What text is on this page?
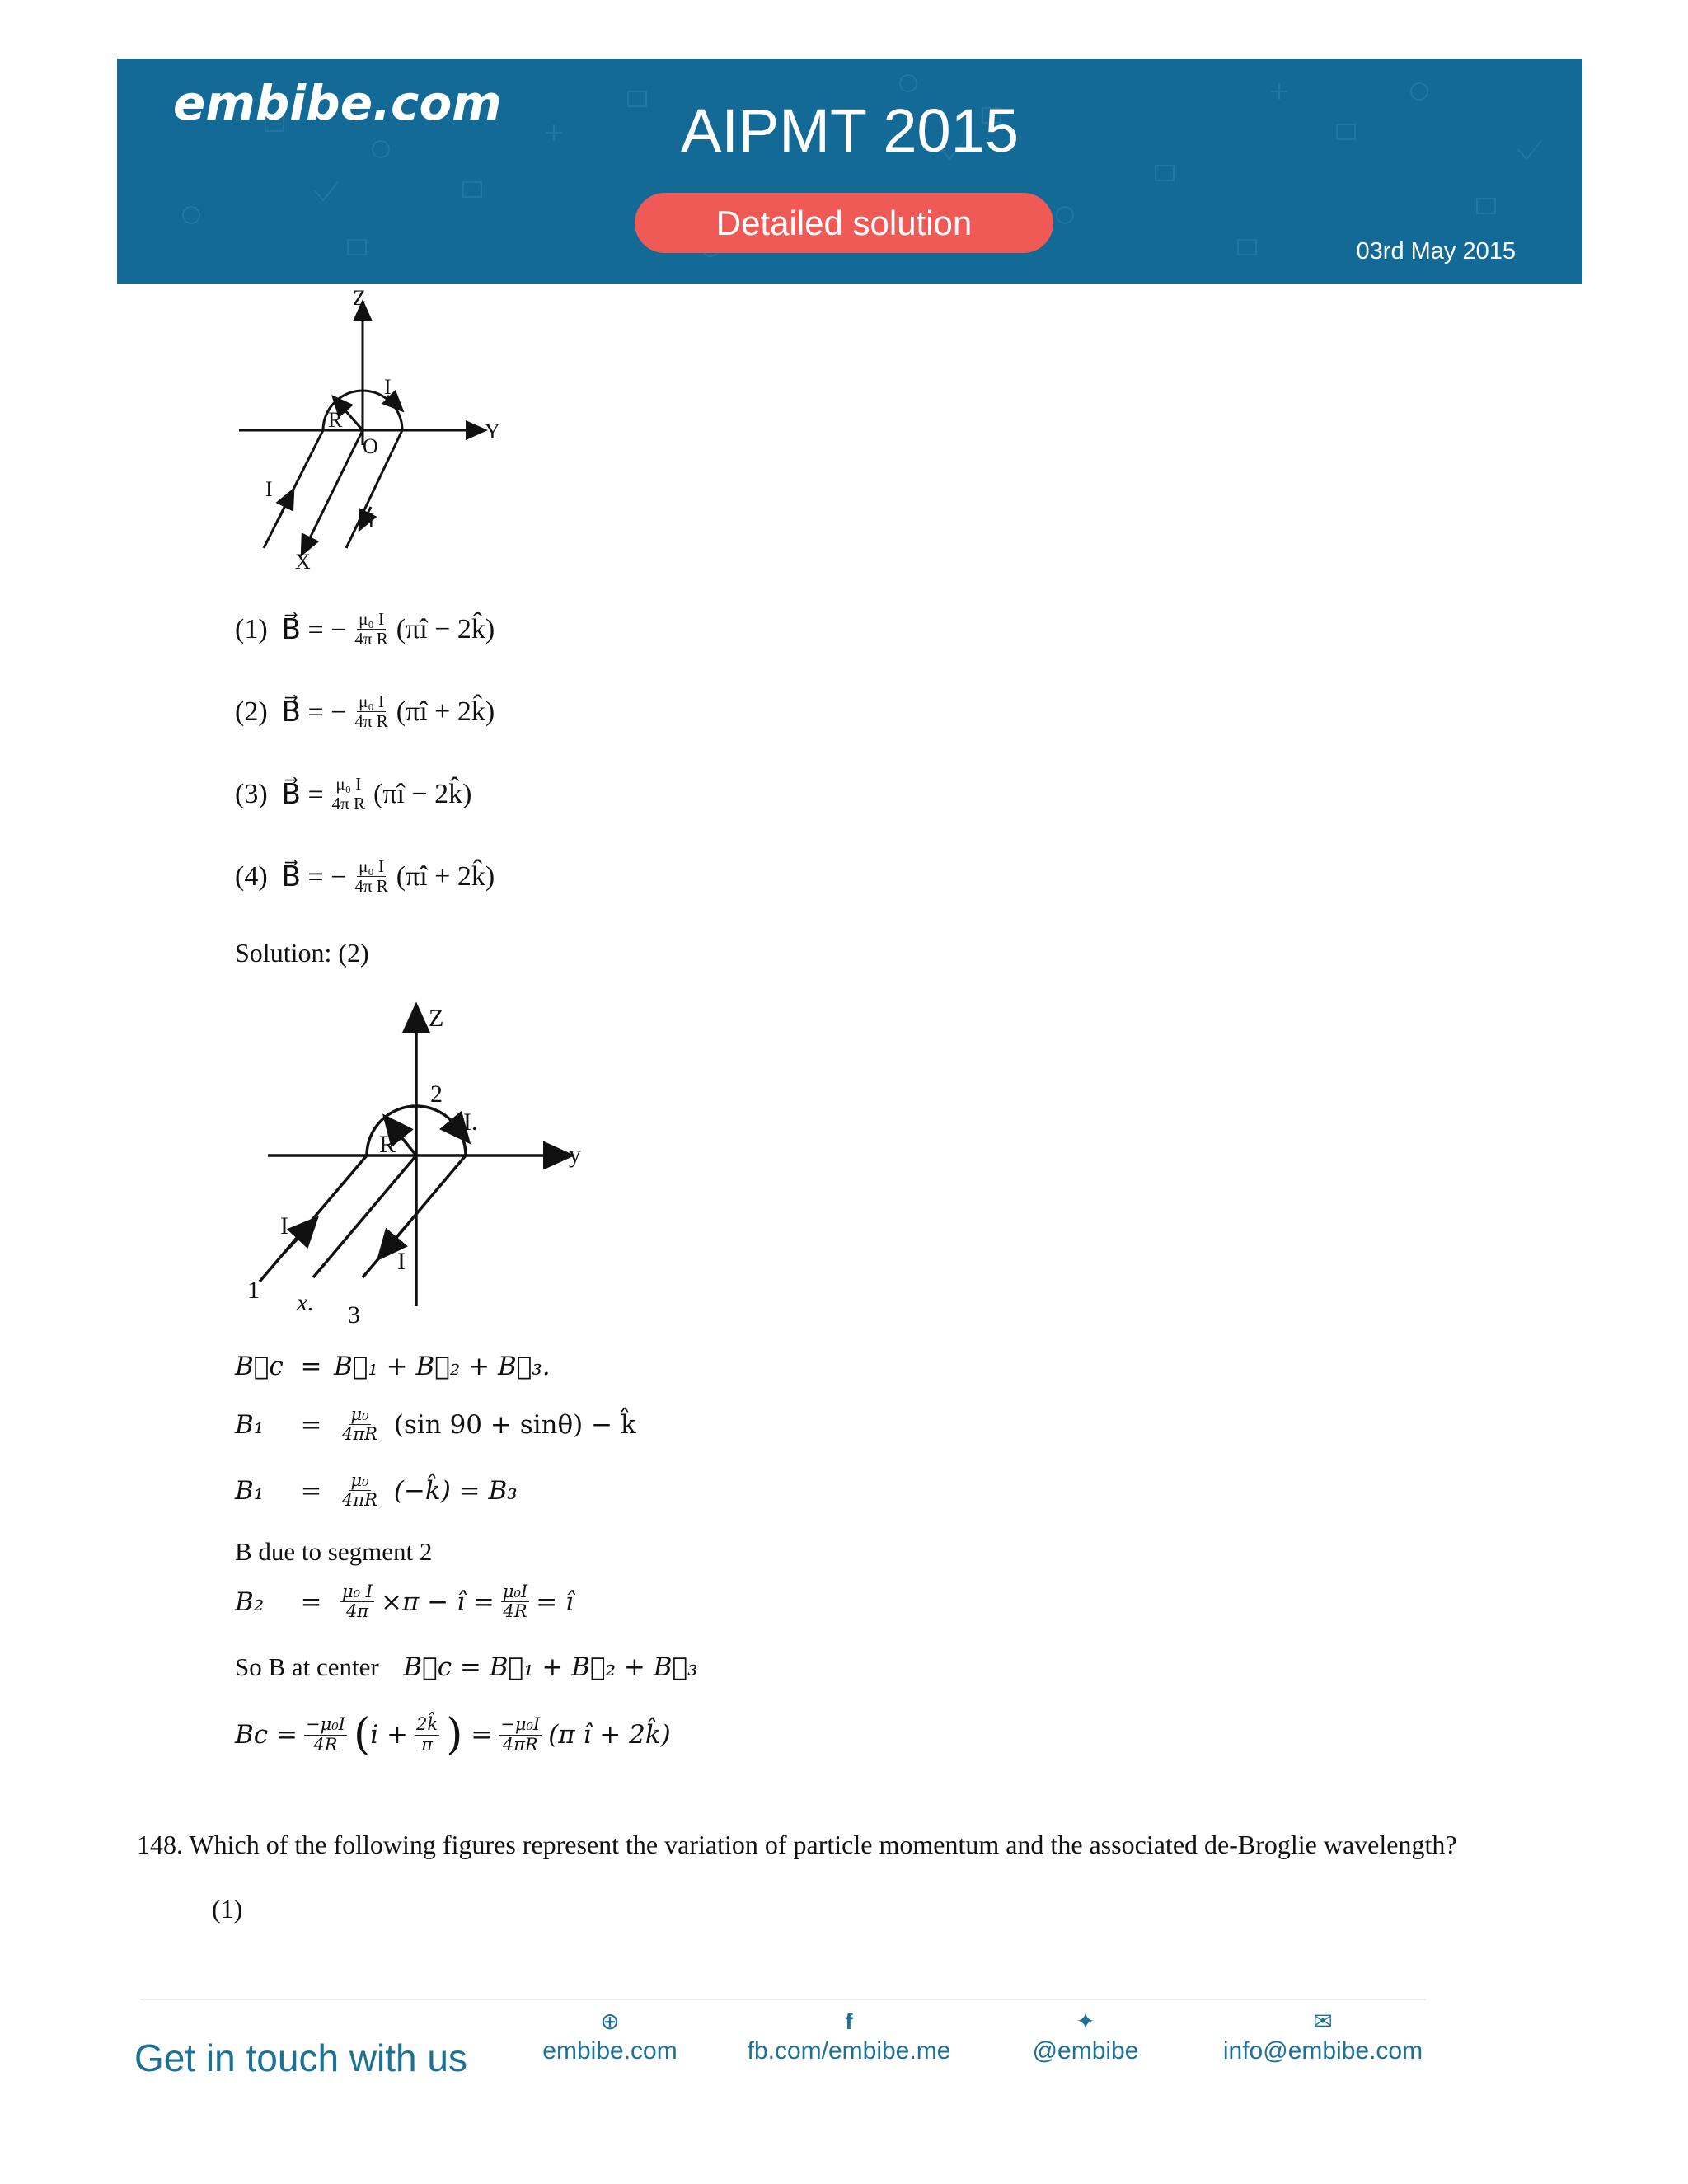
embibe.com	AIPMT 2015
Detailed solution
03rd May 2015
Z
Y
X
R
O
I
I
I
(1)
B⃗ = − $\frac{\text{μ₀ I}}{\text{4π R}}$ (πî − 2k̂)
(2)
B⃗ = − $\frac{\text{μ₀ I}}{\text{4π R}}$ (πî + 2k̂)
(3)
B⃗ = $\frac{\text{μ₀ I}}{\text{4π R}}$ (πî − 2k̂)
(4)
B⃗ = − $\frac{\text{μ₀ I}}{\text{4π R}}$ (πî + 2k̂)
Solution: (2)
Z
y
x.
R
1
2
3
I
I.
I
B⃗c = B⃗₁ + B⃗₂ + B⃗₃.
B₁	=	$\frac{\text{μ₀}}{4\pi R}$
(sin 90 + sinθ) − k̂
B₁	=	$\frac{\text{μ₀}}{4\pi R}$
(−k̂) = B₃
B due to segment 2
B₂	=	$\frac{\text{μ₀ I}}{4\pi} \times\pi$ − î = $\frac{\text{μ₀I}}{4R}$ = î
So B at center
B⃗c = B⃗₁ + B⃗₂ + B⃗₃
$Bc = \frac{\text{−μ₀I}}{4R}$ ( $i + \frac{2k̂}{\pi}$ )
= $\frac{\text{−μ₀I}}{4\pi R} (\pi$ î + 2k̂)
148. Which of the following figures represent the variation of particle momentum and the associated de-Broglie wavelength?
(1)
Get in touch with us
⊕
embibe.com
f
fb.com/embibe.me
✦
@embibe
✉
info@embibe.com
